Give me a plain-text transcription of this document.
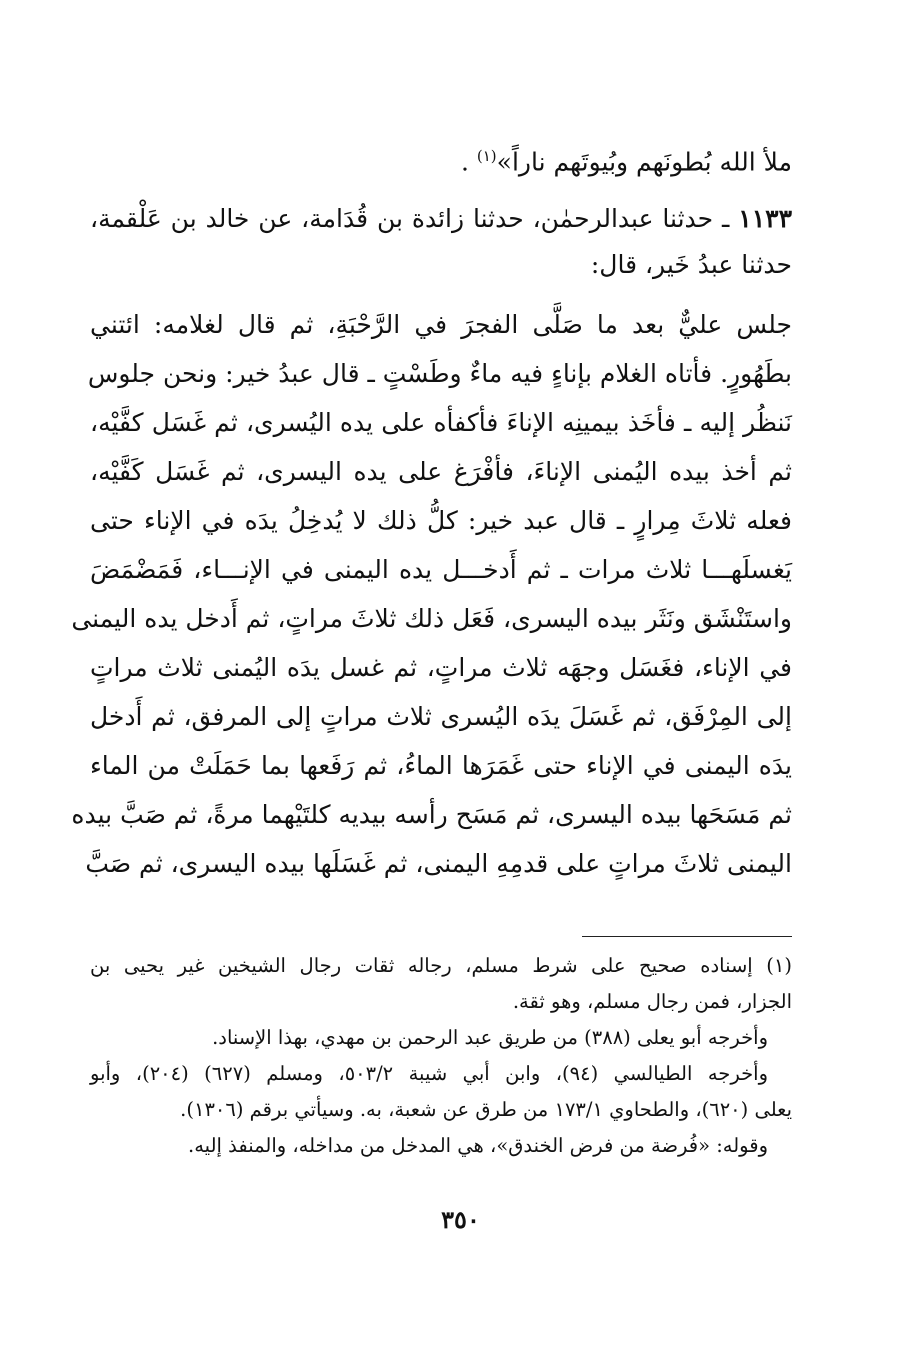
ملأ الله بُطونَهم وبُيوتَهم ناراً»$^{(١)}$ .
١١٣٣ ـ حدثنا عبدالرحمٰن، حدثنا زائدة بن قُدَامة، عن خالد بن عَلْقمة،
حدثنا عبدُ خَير، قال:
جلس عليٌّ بعد ما صَلَّى الفجرَ في الرَّحْبَةِ، ثم قال لغلامه: ائتني
بطَهُورٍ. فأتاه الغلام بإناءٍ فيه ماءٌ وطَسْتٍ ـ قال عبدُ خير: ونحن جلوس
نَنظُر إليه ـ فأخَذ بيمينِه الإناءَ فأكفأه على يده اليُسرى، ثم غَسَل كفَّيْه،
ثم أخذ بيده اليُمنى الإناءَ، فأفْرَغ على يده اليسرى، ثم غَسَل كَفَّيْه،
فعله ثلاثَ مِرارٍ ـ قال عبد خير: كلُّ ذلك لا يُدخِلُ يدَه في الإناء حتى
يَغسلَهـــا ثلاث مرات ـ ثم أَدخـــل يده اليمنى في الإنـــاء، فَمَضْمَضَ
واستَنْشَق ونَثَر بيده اليسرى، فَعَل ذلك ثلاثَ مراتٍ، ثم أَدخل يده اليمنى
في الإناء، فغَسَل وجهَه ثلاث مراتٍ، ثم غسل يدَه اليُمنى ثلاث مراتٍ
إلى المِرْفَق، ثم غَسَلَ يدَه اليُسرى ثلاث مراتٍ إلى المرفق، ثم أَدخل
يدَه اليمنى في الإناء حتى غَمَرَها الماءُ، ثم رَفَعها بما حَمَلَتْ من الماء
ثم مَسَحَها بيده اليسرى، ثم مَسَح رأسه بيديه كلتَيْهما مرةً، ثم صَبَّ بيده
اليمنى ثلاثَ مراتٍ على قدمِهِ اليمنى، ثم غَسَلَها بيده اليسرى، ثم صَبَّ
(١) إسناده صحيح على شرط مسلم، رجاله ثقات رجال الشيخين غير يحيى بن
الجزار، فمن رجال مسلم، وهو ثقة.
وأخرجه أبو يعلى (٣٨٨) من طريق عبد الرحمن بن مهدي، بهذا الإسناد.
وأخرجه الطيالسي (٩٤)، وابن أبي شيبة ٥٠٣/٢، ومسلم (٦٢٧) (٢٠٤)، وأبو
يعلى (٦٢٠)، والطحاوي ١٧٣/١ من طرق عن شعبة، به. وسيأتي برقم (١٣٠٦).
وقوله: «فُرضة من فرض الخندق»، هي المدخل من مداخله، والمنفذ إليه.
٣٥٠
